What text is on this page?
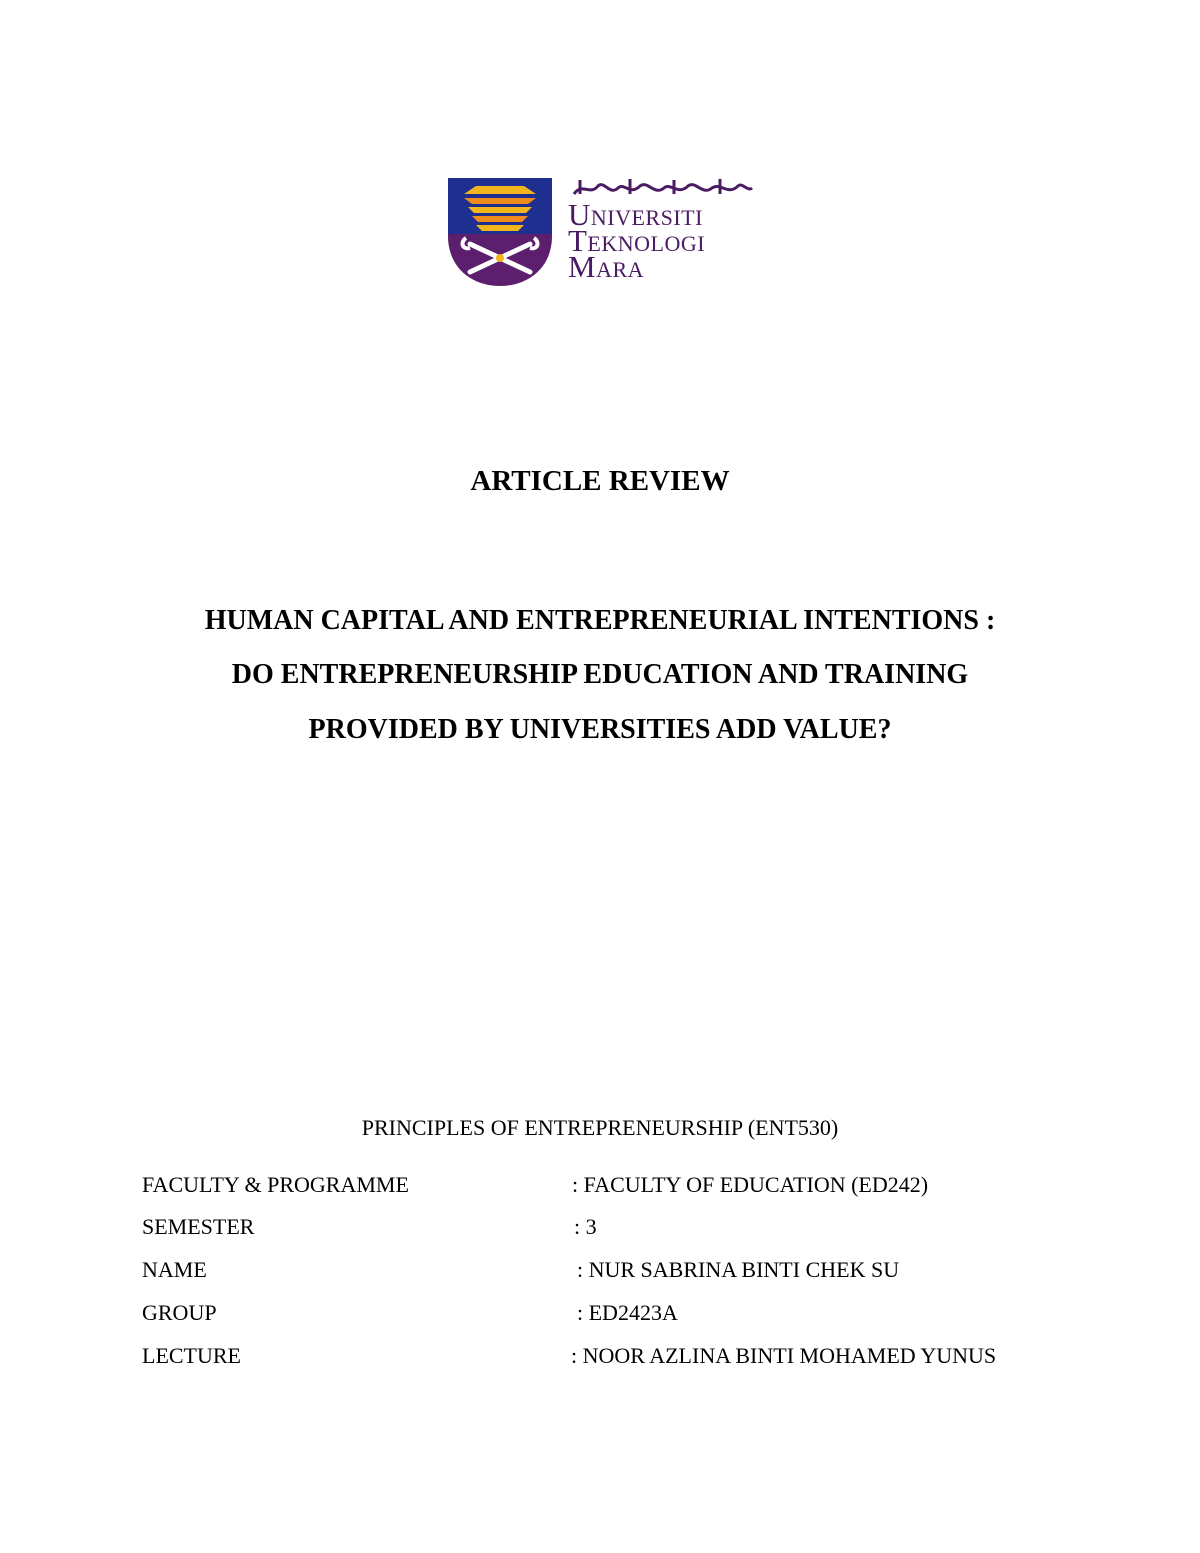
Universiti
Teknologi
Mara
ARTICLE REVIEW
HUMAN CAPITAL AND ENTREPRENEURIAL INTENTIONS :
DO ENTREPRENEURSHIP EDUCATION AND TRAINING
PROVIDED BY UNIVERSITIES ADD VALUE?
PRINCIPLES OF ENTREPRENEURSHIP (ENT530)
FACULTY & PROGRAMME	: FACULTY OF EDUCATION (ED242)
SEMESTER	: 3
NAME	: NUR SABRINA BINTI CHEK SU
GROUP	: ED2423A
LECTURE	: NOOR AZLINA BINTI MOHAMED YUNUS
